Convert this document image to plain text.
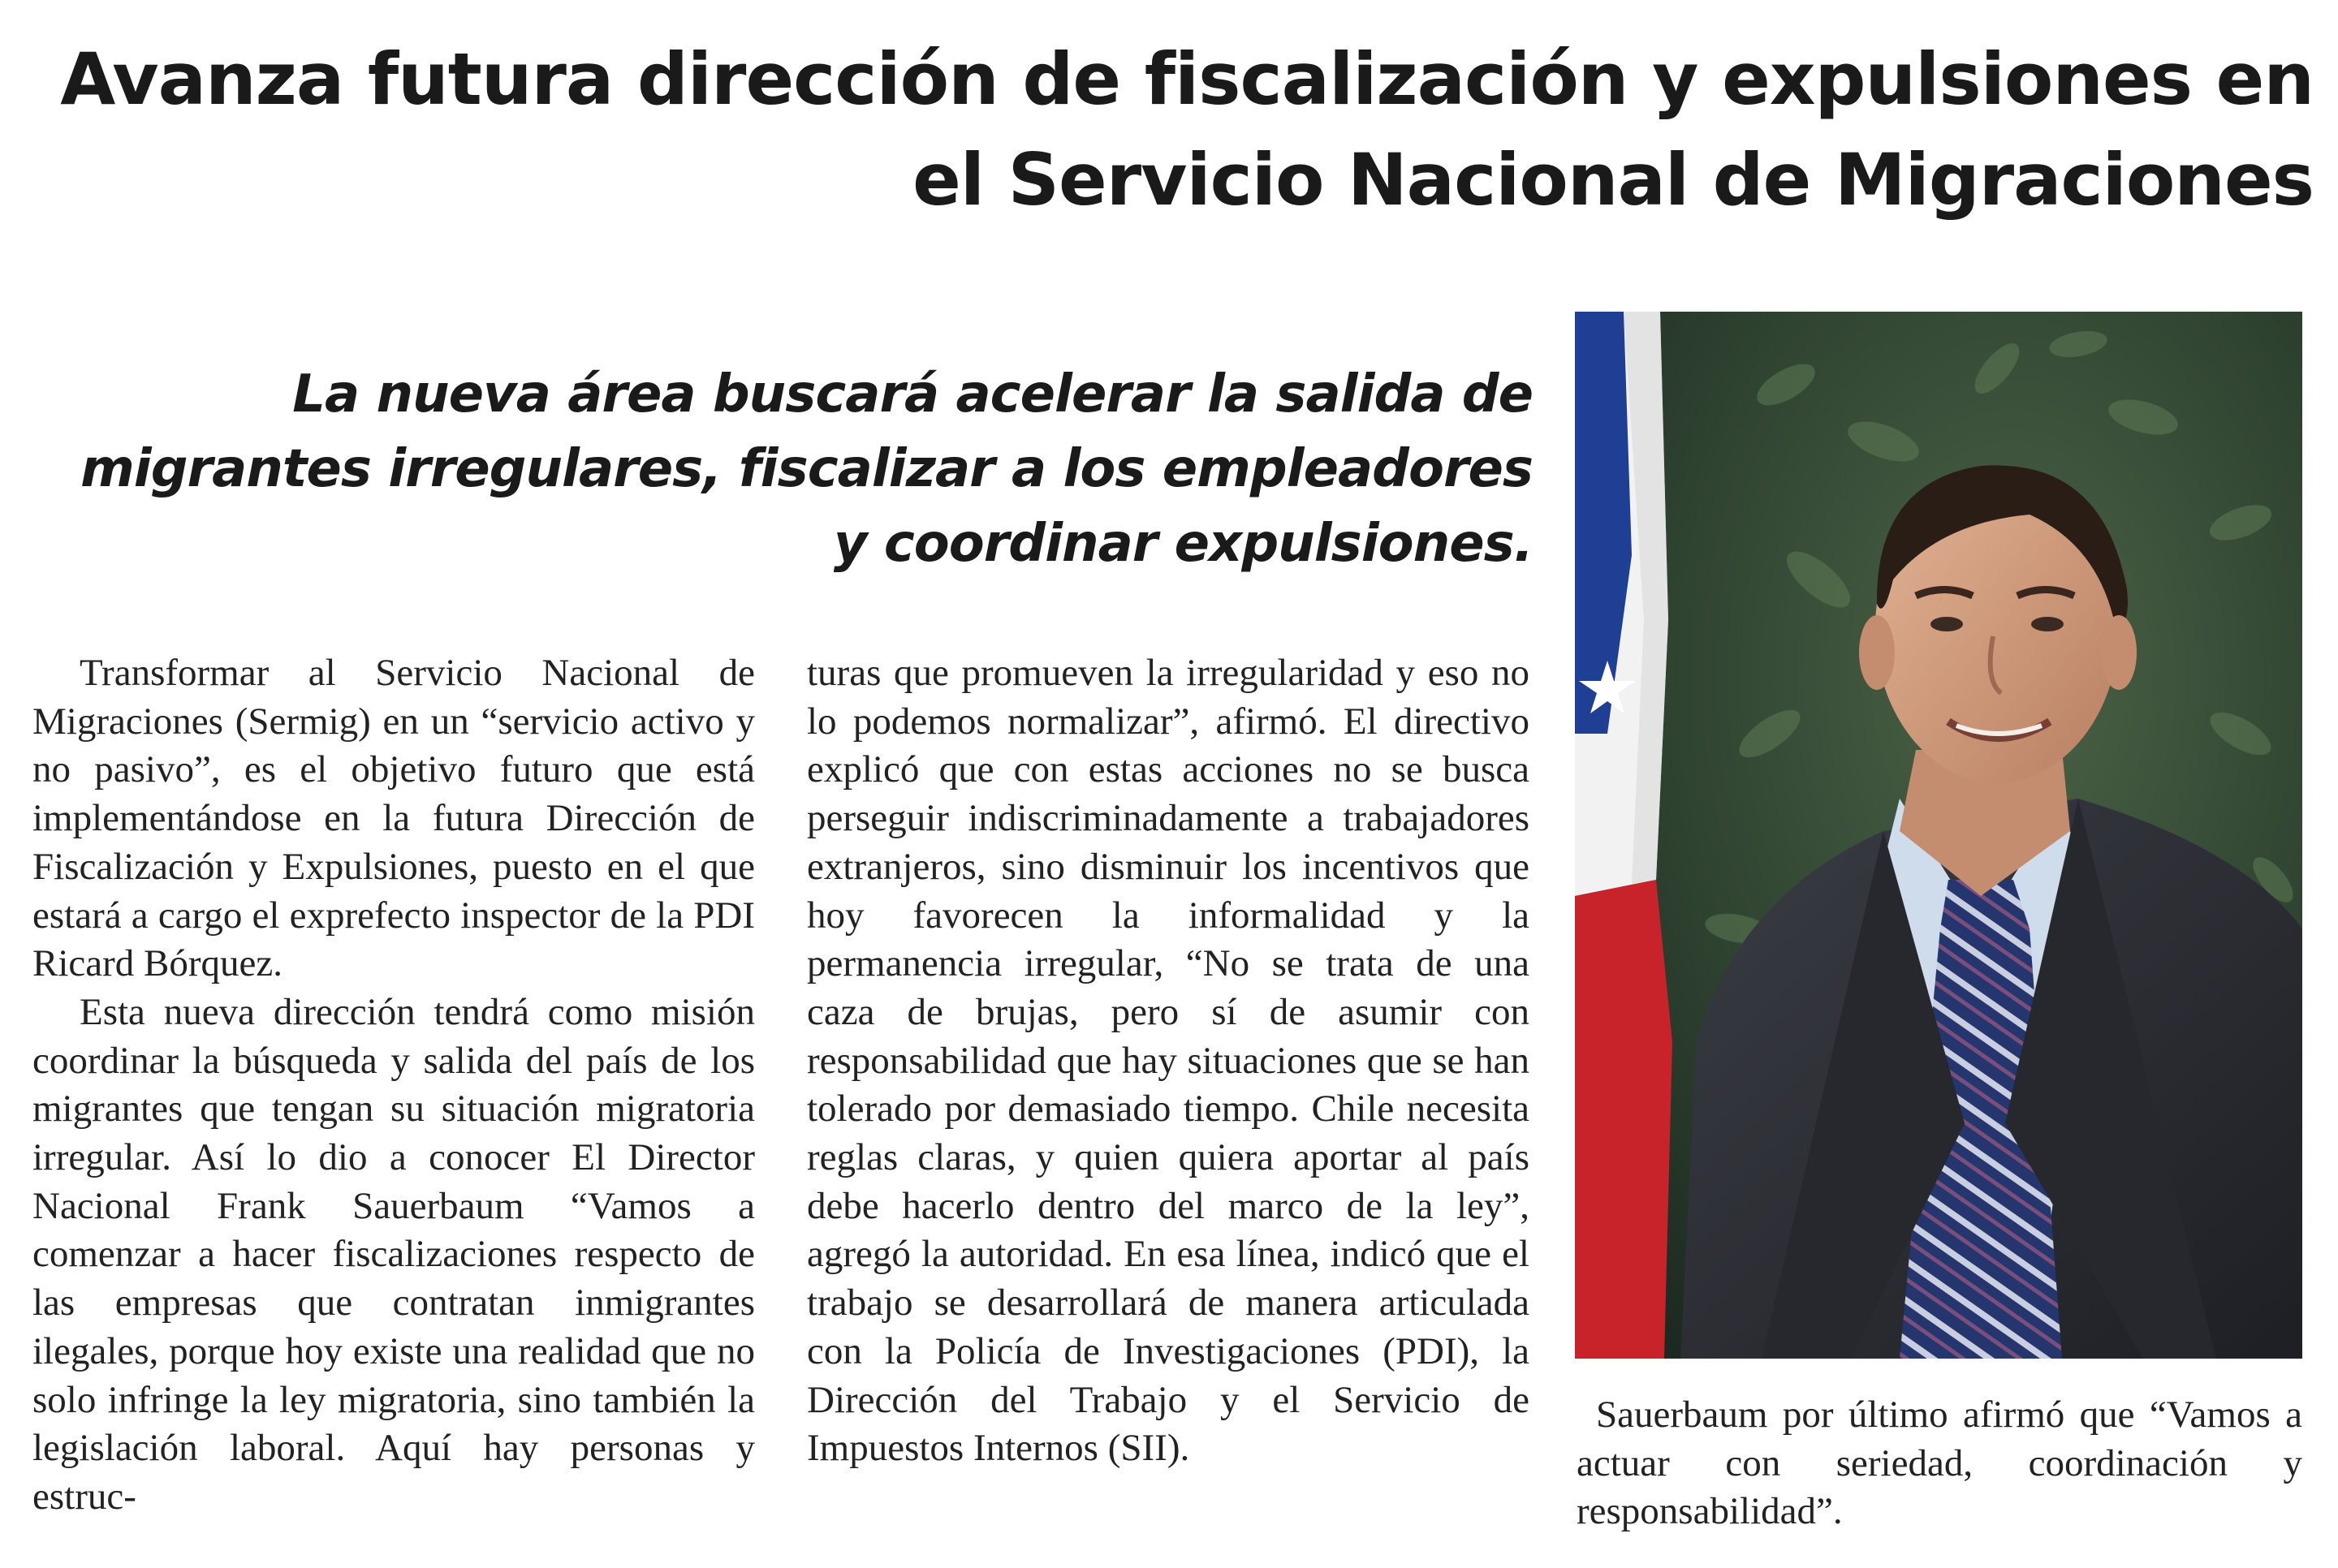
Avanza futura dirección de fiscalización y expulsiones en el Servicio Nacional de Migraciones
La nueva área buscará acelerar la salida de migrantes irregulares, fiscalizar a los empleadores y coordinar expulsiones.

Transformar al Servicio Nacional de Migraciones (Sermig) en un “servicio activo y no pasivo”, es el objetivo futuro que está implementándose en la futura Dirección de Fiscalización y Expulsiones, puesto en el que estará a cargo el exprefecto inspector de la PDI Ricard Bórquez.

Esta nueva dirección tendrá como misión coordinar la búsqueda y salida del país de los migrantes que tengan su situación migratoria irregular. Así lo dio a conocer El Director Nacional Frank Sauerbaum “Vamos a comenzar a hacer fiscalizaciones respecto de las empresas que contratan inmigrantes ilegales, porque hoy existe una realidad que no solo infringe la ley migratoria, sino también la legislación laboral. Aquí hay personas y estruc-

turas que promueven la irregularidad y eso no lo podemos normalizar”, afirmó. El directivo explicó que con estas acciones no se busca perseguir indiscriminadamente a trabajadores extranjeros, sino disminuir los incentivos que hoy favorecen la informalidad y la permanencia irregular, “No se trata de una caza de brujas, pero sí de asumir con responsabilidad que hay situaciones que se han tolerado por demasiado tiempo. Chile necesita reglas claras, y quien quiera aportar al país debe hacerlo dentro del marco de la ley”, agregó la autoridad. En esa línea, indicó que el trabajo se desarrollará de manera articulada con la Policía de Investigaciones (PDI), la Dirección del Trabajo y el Servicio de Impuestos Internos (SII).

Sauerbaum por último afirmó que “Vamos a actuar con seriedad, coordinación y responsabilidad”.
